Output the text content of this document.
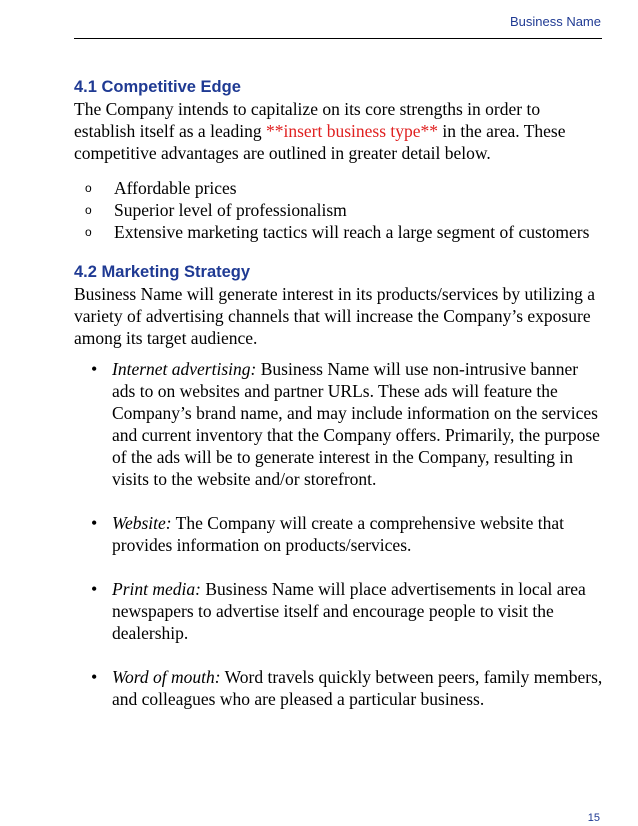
Business Name
4.1 Competitive Edge

The Company intends to capitalize on its core strengths in order to establish itself as a leading **insert business type** in the area. These competitive advantages are outlined in greater detail below.

o Affordable prices
o Superior level of professionalism
o Extensive marketing tactics will reach a large segment of customers
4.2 Marketing Strategy

Business Name will generate interest in its products/services by utilizing a variety of advertising channels that will increase the Company’s exposure among its target audience.

• Internet advertising: Business Name will use non-intrusive banner ads to on websites and partner URLs. These ads will feature the Company’s brand name, and may include information on the services and current inventory that the Company offers. Primarily, the purpose of the ads will be to generate interest in the Company, resulting in visits to the website and/or storefront.
• Website: The Company will create a comprehensive website that provides information on products/services.
• Print media: Business Name will place advertisements in local area newspapers to advertise itself and encourage people to visit the dealership.
• Word of mouth: Word travels quickly between peers, family members, and colleagues who are pleased a particular business.
15
